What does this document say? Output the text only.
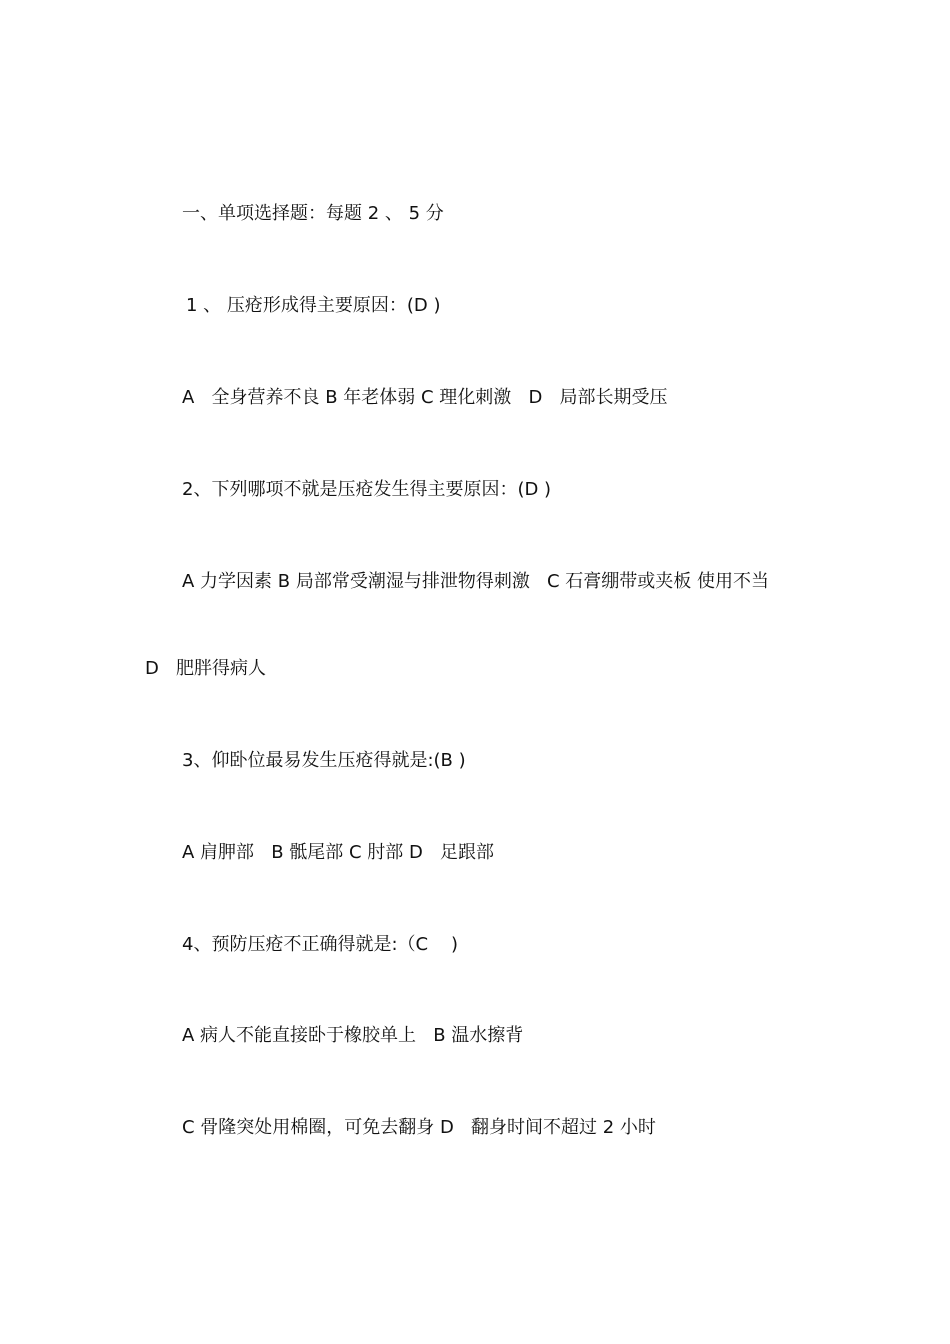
一、单项选择题：每题 2 、 5 分
1 、 压疮形成得主要原因：(D )
A   全身营养不良 B 年老体弱 C 理化刺激   D   局部长期受压
2、下列哪项不就是压疮发生得主要原因：(D )
A 力学因素 B 局部常受潮湿与排泄物得刺激   C 石膏绷带或夹板 使用不当
D   肥胖得病人
3、仰卧位最易发生压疮得就是:(B )
A 肩胛部   B 骶尾部 C 肘部 D   足跟部
4、预防压疮不正确得就是:（C    )
A 病人不能直接卧于橡胶单上   B 温水擦背
C 骨隆突处用棉圈，可免去翻身 D   翻身时间不超过 2 小时
